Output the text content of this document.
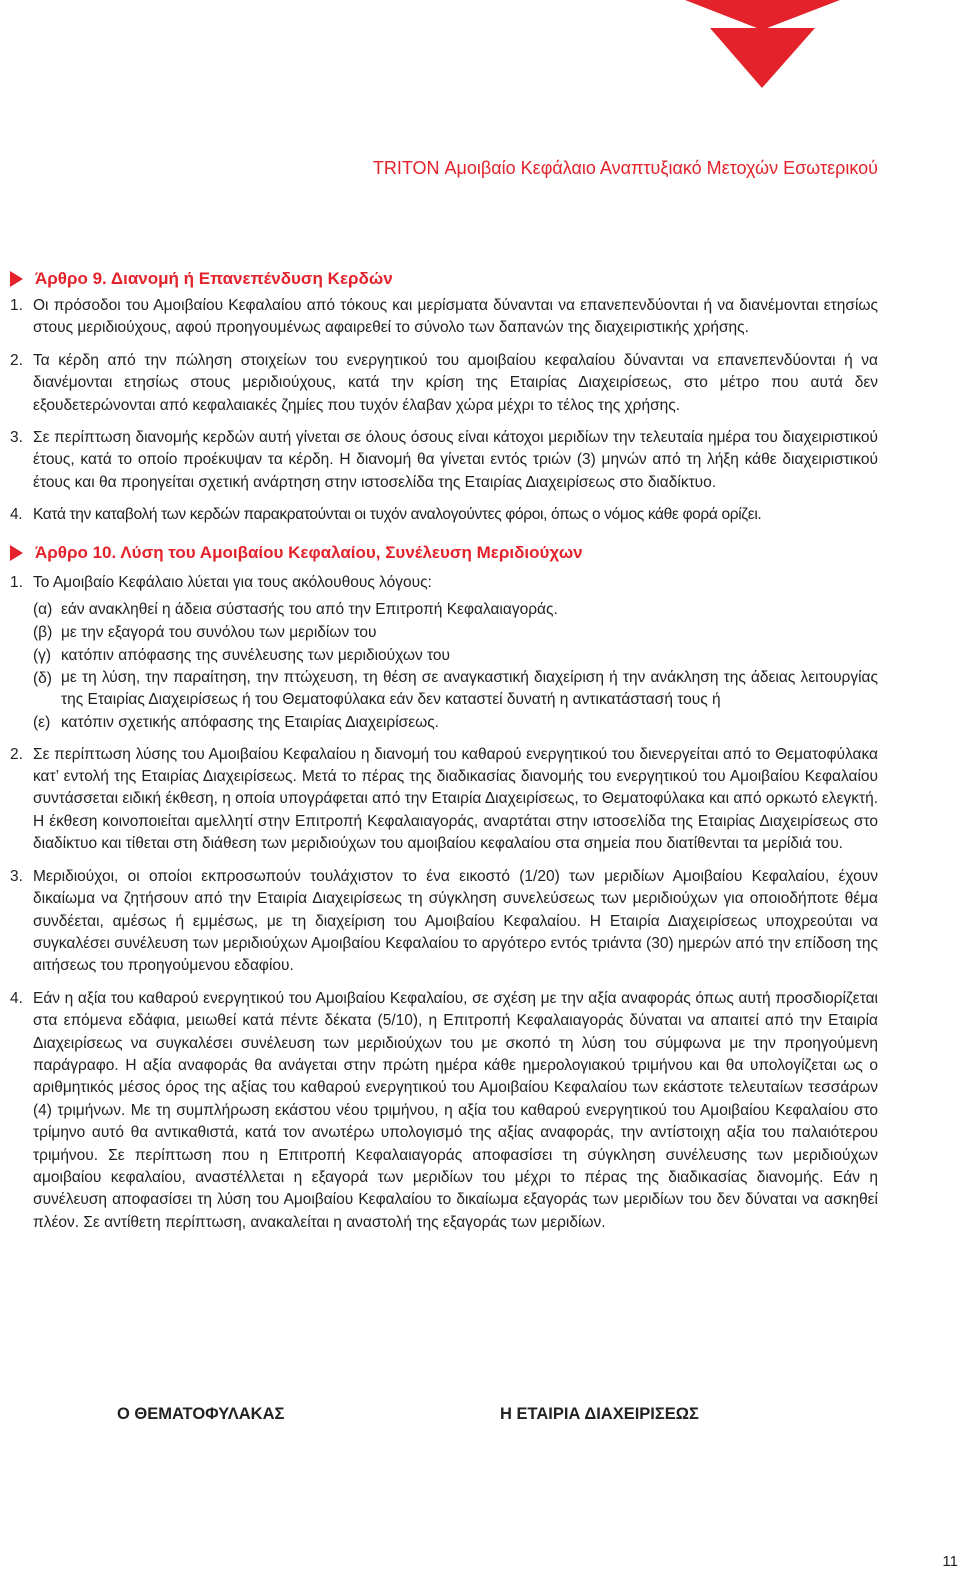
TRITON Αμοιβαίο Κεφάλαιο Αναπτυξιακό Μετοχών Εσωτερικού
Άρθρο 9. Διανομή ή Επανεπένδυση Κερδών
1. Οι πρόσοδοι του Αμοιβαίου Κεφαλαίου από τόκους και μερίσματα δύνανται να επανεπενδύονται ή να διανέμονται ετησίως στους μεριδιούχους, αφού προηγουμένως αφαιρεθεί το σύνολο των δαπανών της διαχειριστικής χρήσης.
2. Τα κέρδη από την πώληση στοιχείων του ενεργητικού του αμοιβαίου κεφαλαίου δύνανται να επανεπενδύονται ή να διανέμονται ετησίως στους μεριδιούχους, κατά την κρίση της Εταιρίας Διαχειρίσεως, στο μέτρο που αυτά δεν εξουδετερώνονται από κεφαλαιακές ζημίες που τυχόν έλαβαν χώρα μέχρι το τέλος της χρήσης.
3. Σε περίπτωση διανομής κερδών αυτή γίνεται σε όλους όσους είναι κάτοχοι μεριδίων την τελευταία ημέρα του διαχειριστικού έτους, κατά το οποίο προέκυψαν τα κέρδη. Η διανομή θα γίνεται εντός τριών (3) μηνών από τη λήξη κάθε διαχειριστικού έτους και θα προηγείται σχετική ανάρτηση στην ιστοσελίδα της Εταιρίας Διαχειρίσεως στο διαδίκτυο.
4. Κατά την καταβολή των κερδών παρακρατούνται οι τυχόν αναλογούντες φόροι, όπως ο νόμος κάθε φορά ορίζει.
Άρθρο 10. Λύση του Αμοιβαίου Κεφαλαίου, Συνέλευση Μεριδιούχων
1. Το Αμοιβαίο Κεφάλαιο λύεται για τους ακόλουθους λόγους:
(α) εάν ανακληθεί η άδεια σύστασής του από την Επιτροπή Κεφαλαιαγοράς.
(β) με την εξαγορά του συνόλου των μεριδίων του
(γ) κατόπιν απόφασης της συνέλευσης των μεριδιούχων του
(δ) με τη λύση, την παραίτηση, την πτώχευση, τη θέση σε αναγκαστική διαχείριση ή την ανάκληση της άδειας λειτουργίας της Εταιρίας Διαχειρίσεως ή του Θεματοφύλακα εάν δεν καταστεί δυνατή η αντικατάστασή τους ή
(ε) κατόπιν σχετικής απόφασης της Εταιρίας Διαχειρίσεως.
2. Σε περίπτωση λύσης του Αμοιβαίου Κεφαλαίου η διανομή του καθαρού ενεργητικού του διενεργείται από το Θεματοφύλακα κατ’ εντολή της Εταιρίας Διαχειρίσεως. Μετά το πέρας της διαδικασίας διανομής του ενεργητικού του Αμοιβαίου Κεφαλαίου συντάσσεται ειδική έκθεση, η οποία υπογράφεται από την Εταιρία Διαχειρίσεως, το Θεματοφύλακα και από ορκωτό ελεγκτή. Η έκθεση κοινοποιείται αμελλητί στην Επιτροπή Κεφαλαιαγοράς, αναρτάται στην ιστοσελίδα της Εταιρίας Διαχειρίσεως στο διαδίκτυο και τίθεται στη διάθεση των μεριδιούχων του αμοιβαίου κεφαλαίου στα σημεία που διατίθενται τα μερίδιά του.
3. Μεριδιούχοι, οι οποίοι εκπροσωπούν τουλάχιστον το ένα εικοστό (1/20) των μεριδίων Αμοιβαίου Κεφαλαίου, έχουν δικαίωμα να ζητήσουν από την Εταιρία Διαχειρίσεως τη σύγκληση συνελεύσεως των μεριδιούχων για οποιοδήποτε θέμα συνδέεται, αμέσως ή εμμέσως, με τη διαχείριση του Αμοιβαίου Κεφαλαίου. Η Εταιρία Διαχειρίσεως υποχρεούται να συγκαλέσει συνέλευση των μεριδιούχων Αμοιβαίου Κεφαλαίου το αργότερο εντός τριάντα (30) ημερών από την επίδοση της αιτήσεως του προηγούμενου εδαφίου.
4. Εάν η αξία του καθαρού ενεργητικού του Αμοιβαίου Κεφαλαίου, σε σχέση με την αξία αναφοράς όπως αυτή προσδιορίζεται στα επόμενα εδάφια, μειωθεί κατά πέντε δέκατα (5/10), η Επιτροπή Κεφαλαιαγοράς δύναται να απαιτεί από την Εταιρία Διαχειρίσεως να συγκαλέσει συνέλευση των μεριδιούχων του με σκοπό τη λύση του σύμφωνα με την προηγούμενη παράγραφο. Η αξία αναφοράς θα ανάγεται στην πρώτη ημέρα κάθε ημερολογιακού τριμήνου και θα υπολογίζεται ως ο αριθμητικός μέσος όρος της αξίας του καθαρού ενεργητικού του Αμοιβαίου Κεφαλαίου των εκάστοτε τελευταίων τεσσάρων (4) τριμήνων. Με τη συμπλήρωση εκάστου νέου τριμήνου, η αξία του καθαρού ενεργητικού του Αμοιβαίου Κεφαλαίου στο τρίμηνο αυτό θα αντικαθιστά, κατά τον ανωτέρω υπολογισμό της αξίας αναφοράς, την αντίστοιχη αξία του παλαιότερου τριμήνου. Σε περίπτωση που η Επιτροπή Κεφαλαιαγοράς αποφασίσει τη σύγκληση συνέλευσης των μεριδιούχων αμοιβαίου κεφαλαίου, αναστέλλεται η εξαγορά των μεριδίων του μέχρι το πέρας της διαδικασίας διανομής. Εάν η συνέλευση αποφασίσει τη λύση του Αμοιβαίου Κεφαλαίου το δικαίωμα εξαγοράς των μεριδίων του δεν δύναται να ασκηθεί πλέον. Σε αντίθετη περίπτωση, ανακαλείται η αναστολή της εξαγοράς των μεριδίων.
Ο ΘΕΜΑΤΟΦΥΛΑΚΑΣ	Η ΕΤΑΙΡΙΑ ΔΙΑΧΕΙΡΙΣΕΩΣ
11
